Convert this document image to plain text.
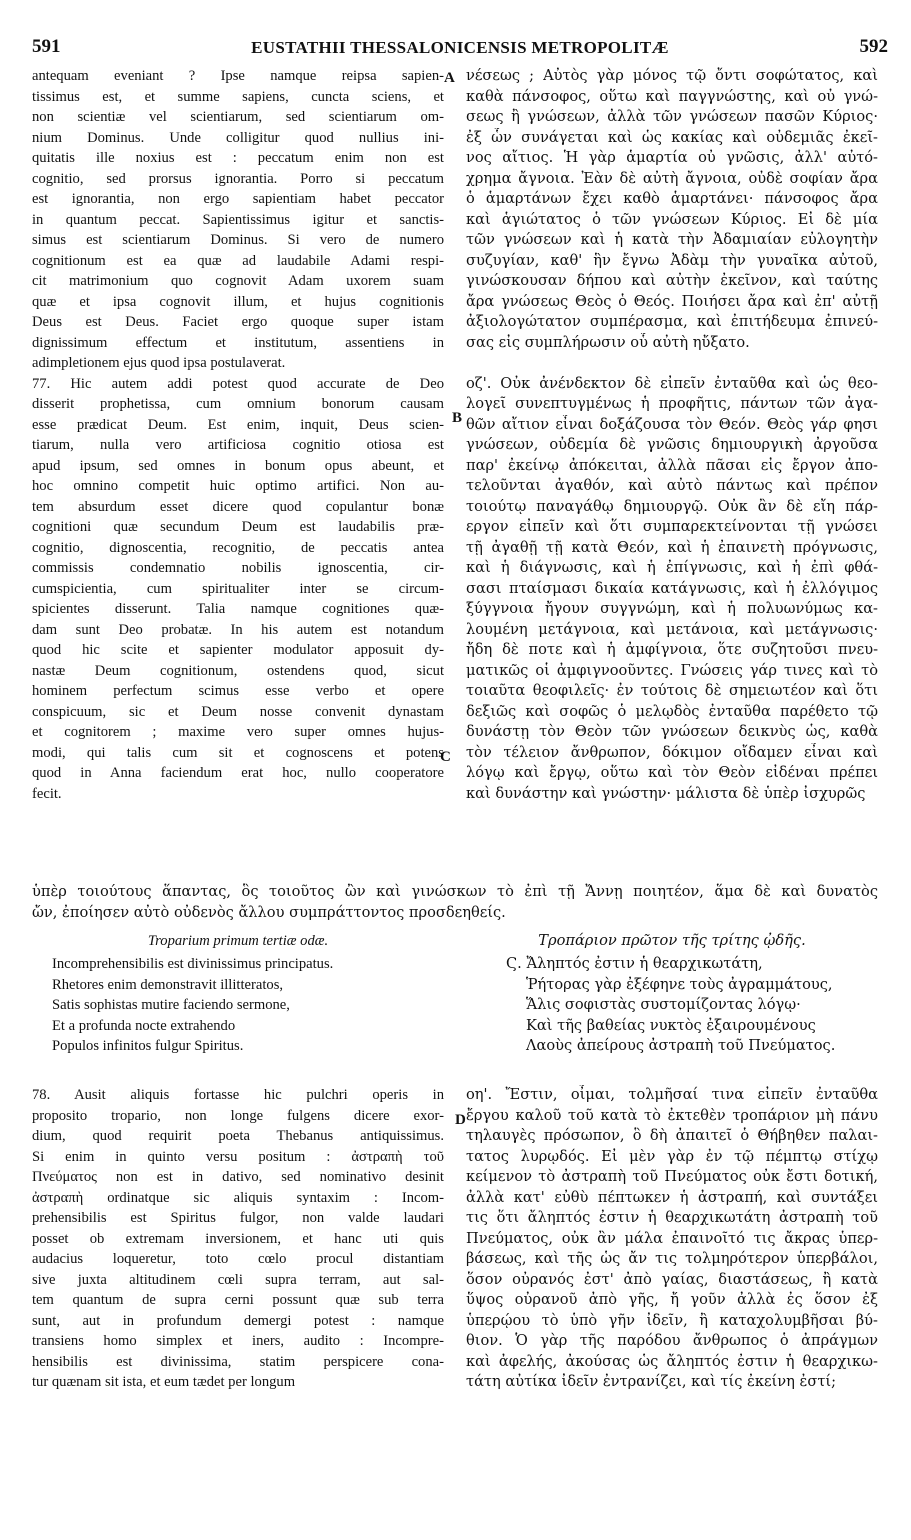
591	EUSTATHII THESSALONICENSIS METROPOLITÆ	592
A
B
C
D
antequam eveniant ? Ipse namque reipsa sapien-
tissimus est, et summe sapiens, cuncta sciens, et
non scientiæ vel scientiarum, sed scientiarum om-
nium Dominus. Unde colligitur quod nullius ini-
quitatis ille noxius est : peccatum enim non est
cognitio, sed prorsus ignorantia. Porro si peccatum
est ignorantia, non ergo sapientiam habet peccator
in quantum peccat. Sapientissimus igitur et sanctis-
simus est scientiarum Dominus. Si vero de numero
cognitionum est ea quæ ad laudabile Adami respi-
cit matrimonium quo cognovit Adam uxorem suam
quæ et ipsa cognovit illum, et hujus cognitionis
Deus est Deus. Faciet ergo quoque super istam
dignissimum effectum et institutum, assentiens in
adimpletionem ejus quod ipsa postulaverat.
77. Hic autem addi potest quod accurate de Deo
disserit prophetissa, cum omnium bonorum causam
esse prædicat Deum. Est enim, inquit, Deus scien-
tiarum, nulla vero artificiosa cognitio otiosa est
apud ipsum, sed omnes in bonum opus abeunt, et
hoc omnino competit huic optimo artifici. Non au-
tem absurdum esset dicere quod copulantur bonæ
cognitioni quæ secundum Deum est laudabilis præ-
cognitio, dignoscentia, recognitio, de peccatis antea
commissis condemnatio nobilis ignoscentia, cir-
cumspicientia, cum spiritualiter inter se circum-
spicientes disserunt. Talia namque cognitiones quæ-
dam sunt Deo probatæ. In his autem est notandum
quod hic scite et sapienter modulator apposuit dy-
nastæ Deum cognitionum, ostendens quod, sicut
hominem perfectum scimus esse verbo et opere
conspicuum, sic et Deum nosse convenit dynastam
et cognitorem ; maxime vero super omnes hujus-
modi, qui talis cum sit et cognoscens et potens
quod in Anna faciendum erat hoc, nullo cooperatore
fecit.
νέσεως ; Αὐτὸς γὰρ μόνος τῷ ὄντι σοφώτατος, καὶ
καθὰ πάνσοφος, οὕτω καὶ παγγνώστης, καὶ οὐ γνώ-
σεως ἢ γνώσεων, ἀλλὰ τῶν γνώσεων πασῶν Κύριος·
ἐξ ὧν συνάγεται καὶ ὡς κακίας καὶ οὐδεμιᾶς ἐκεῖ-
νος αἴτιος. Ἡ γὰρ ἁμαρτία οὐ γνῶσις, ἀλλ' αὐτό-
χρημα ἄγνοια. Ἐὰν δὲ αὐτὴ ἄγνοια, οὐδὲ σοφίαν ἄρα
ὁ ἁμαρτάνων ἔχει καθὸ ἁμαρτάνει· πάνσοφος ἄρα
καὶ ἁγιώτατος ὁ τῶν γνώσεων Κύριος. Εἰ δὲ μία
τῶν γνώσεων καὶ ἡ κατὰ τὴν Ἀδαμιαίαν εὐλογητὴν
συζυγίαν, καθ' ἣν ἔγνω Ἀδὰμ τὴν γυναῖκα αὐτοῦ,
γινώσκουσαν δήπου καὶ αὐτὴν ἐκεῖνον, καὶ ταύτης
ἄρα γνώσεως Θεὸς ὁ Θεός. Ποιήσει ἄρα καὶ ἐπ' αὐτῇ
ἀξιολογώτατον συμπέρασμα, καὶ ἐπιτήδευμα ἐπινεύ-
σας εἰς συμπλήρωσιν οὗ αὐτὴ ηὔξατο.
οζ'. Οὐκ ἀνένδεκτον δὲ εἰπεῖν ἐνταῦθα καὶ ὡς θεο-
λογεῖ συνεπτυγμένως ἡ προφῆτις, πάντων τῶν ἀγα-
θῶν αἴτιον εἶναι δοξάζουσα τὸν Θεόν. Θεὸς γάρ φησι
γνώσεων, οὐδεμία δὲ γνῶσις δημιουργικὴ ἀργοῦσα
παρ' ἐκείνῳ ἀπόκειται, ἀλλὰ πᾶσαι εἰς ἔργον ἀπο-
τελοῦνται ἀγαθόν, καὶ αὐτὸ πάντως καὶ πρέπον
τοιούτῳ παναγάθῳ δημιουργῷ. Οὐκ ἂν δὲ εἴη πάρ-
εργον εἰπεῖν καὶ ὅτι συμπαρεκτείνονται τῇ γνώσει
τῇ ἀγαθῇ τῇ κατὰ Θεόν, καὶ ἡ ἐπαινετὴ πρόγνωσις,
καὶ ἡ διάγνωσις, καὶ ἡ ἐπίγνωσις, καὶ ἡ ἐπὶ φθά-
σασι πταίσμασι δικαία κατάγνωσις, καὶ ἡ ἐλλόγιμος
ξύγγνοια ἤγουν συγγνώμη, καὶ ἡ πολυωνύμως κα-
λουμένη μετάγνοια, καὶ μετάνοια, καὶ μετάγνωσις·
ἤδη δὲ ποτε καὶ ἡ ἀμφίγνοια, ὅτε συζητοῦσι πνευ-
ματικῶς οἱ ἀμφιγνοοῦντες. Γνώσεις γάρ τινες καὶ τὸ
τοιαῦτα θεοφιλεῖς· ἐν τούτοις δὲ σημειωτέον καὶ ὅτι
δεξιῶς καὶ σοφῶς ὁ μελῳδὸς ἐνταῦθα παρέθετο τῷ
δυνάστῃ τὸν Θεὸν τῶν γνώσεων δεικνὺς ὡς, καθὰ
τὸν τέλειον ἄνθρωπον, δόκιμον οἴδαμεν εἶναι καὶ
λόγῳ καὶ ἔργῳ, οὕτω καὶ τὸν Θεὸν εἰδέναι πρέπει
καὶ δυνάστην καὶ γνώστην· μάλιστα δὲ ὑπὲρ ἰσχυρῶς
ὑπὲρ τοιούτους ἅπαντας, ὃς τοιοῦτος ὢν καὶ γινώσκων τὸ ἐπὶ τῇ Ἄννῃ ποιητέον, ἅμα δὲ καὶ δυνατὸς
ὤν, ἐποίησεν αὐτὸ οὐδενὸς ἄλλου συμπράττοντος προσδεηθείς.
Troparium primum tertiæ odæ.
Incomprehensibilis est divinissimus principatus.
Rhetores enim demonstravit illitteratos,
Satis sophistas mutire faciendo sermone,
Et a profunda nocte extrahendo
Populos infinitos fulgur Spiritus.
Τροπάριον πρῶτον τῆς τρίτης ᾠδῆς.
Ϛ. Ἄληπτός ἐστιν ἡ θεαρχικωτάτη,
Ῥήτορας γὰρ ἐξέφηνε τοὺς ἀγραμμάτους,
Ἅλις σοφιστὰς συστομίζοντας λόγῳ·
Καὶ τῆς βαθείας νυκτὸς ἐξαιρουμένους
Λαοὺς ἀπείρους ἀστραπὴ τοῦ Πνεύματος.
78. Ausit aliquis fortasse hic pulchri operis in
proposito tropario, non longe fulgens dicere exor-
dium, quod requirit poeta Thebanus antiquissimus.
Si enim in quinto versu positum : ἀστραπὴ τοῦ
Πνεύματος non est in dativo, sed nominativo desinit
ἀστραπὴ ordinatque sic aliquis syntaxim : Incom-
prehensibilis est Spiritus fulgor, non valde laudari
posset ob extremam inversionem, et hanc uti quis
audacius loqueretur, toto cœlo procul distantiam
sive juxta altitudinem cœli supra terram, aut sal-
tem quantum de supra cerni possunt quæ sub terra
sunt, aut in profundum demergi potest : namque
transiens homo simplex et iners, audito : Incompre-
hensibilis est divinissima, statim perspicere cona-
tur quænam sit ista, et eum tædet per longum
οη'. Ἔστιν, οἶμαι, τολμῆσαί τινα εἰπεῖν ἐνταῦθα
ἔργου καλοῦ τοῦ κατὰ τὸ ἐκτεθὲν τροπάριον μὴ πάνυ
τηλαυγὲς πρόσωπον, ὃ δὴ ἀπαιτεῖ ὁ Θήβηθεν παλαι-
τατος λυρῳδός. Εἰ μὲν γὰρ ἐν τῷ πέμπτῳ στίχῳ
κείμενον τὸ ἀστραπὴ τοῦ Πνεύματος οὐκ ἔστι δοτική,
ἀλλὰ κατ' εὐθὺ πέπτωκεν ἡ ἀστραπή, καὶ συντάξει
τις ὅτι ἄληπτός ἐστιν ἡ θεαρχικωτάτη ἀστραπὴ τοῦ
Πνεύματος, οὐκ ἂν μάλα ἐπαινοῖτό τις ἄκρας ὑπερ-
βάσεως, καὶ τῆς ὡς ἄν τις τολμηρότερον ὑπερβάλοι,
ὅσον οὐρανός ἐστ' ἀπὸ γαίας, διαστάσεως, ἢ κατὰ
ὕψος οὐρανοῦ ἀπὸ γῆς, ἤ γοῦν ἀλλὰ ἐς ὅσον ἐξ
ὑπερῴου τὸ ὑπὸ γῆν ἰδεῖν, ἢ καταχολυμβῆσαι βύ-
θιον. Ὁ γὰρ τῆς παρόδου ἄνθρωπος ὁ ἀπράγμων
καὶ ἀφελής, ἀκούσας ὡς ἄληπτός ἐστιν ἡ θεαρχικω-
τάτη αὐτίκα ἰδεῖν ἐντρανίζει, καὶ τίς ἐκείνη ἐστί;
